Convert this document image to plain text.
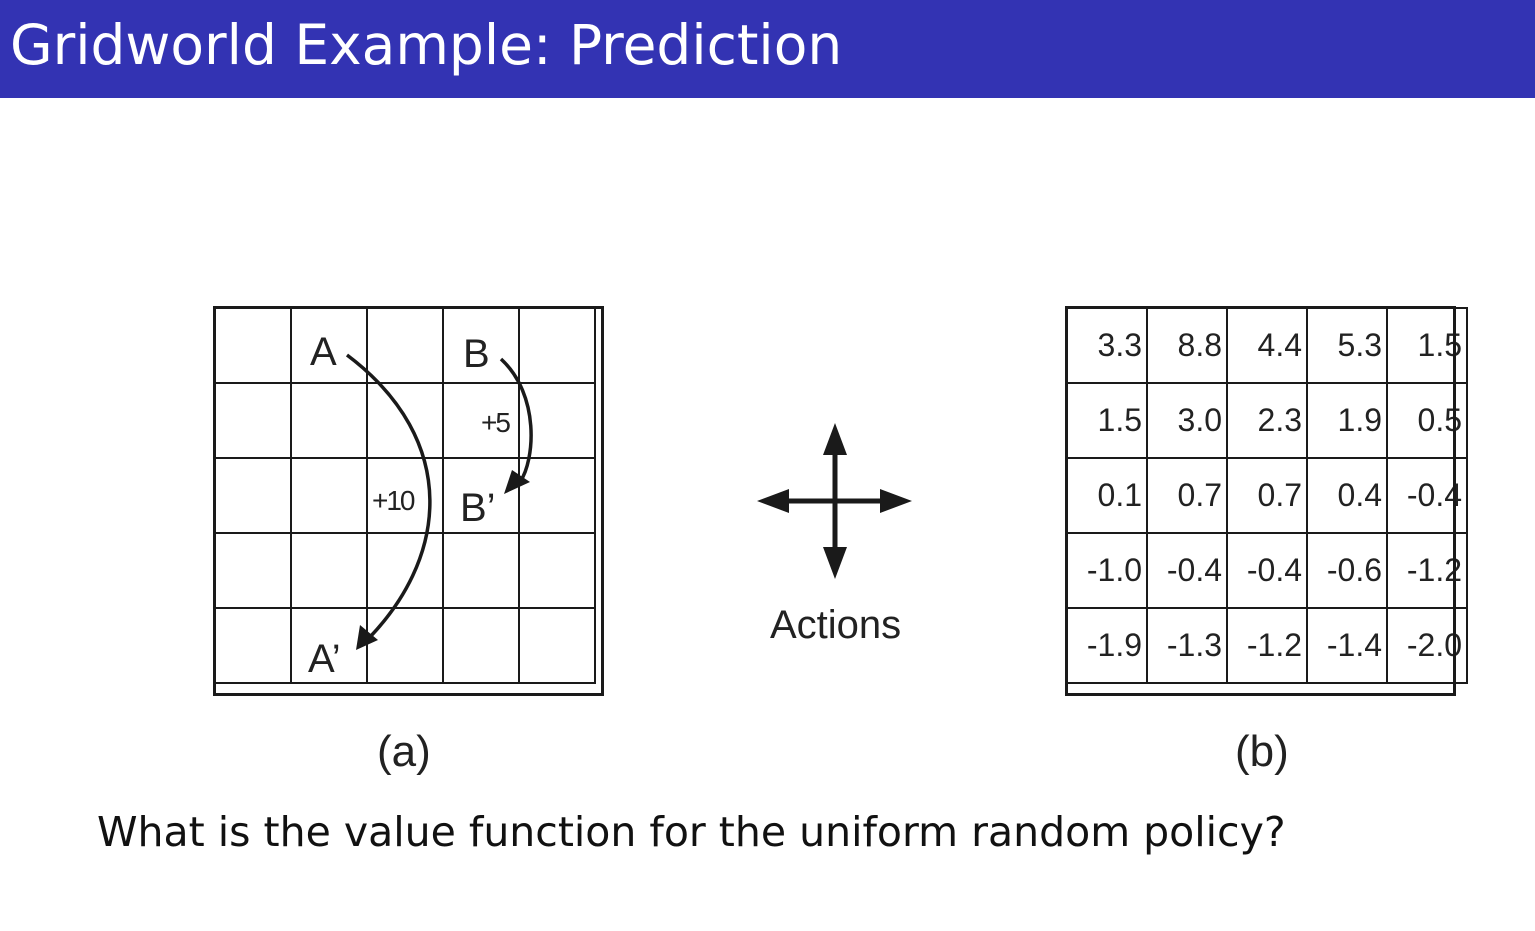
Gridworld Example: Prediction

A	B
B’
A’
+10
+5
Actions
3.3	8.8	4.4	5.3	1.5
1.5	3.0	2.3	1.9	0.5
0.1	0.7	0.7	0.4	-0.4
-1.0	-0.4	-0.4	-0.6	-1.2
-1.9	-1.3	-1.2	-1.4	-2.0
(a)	(b)
What is the value function for the uniform random policy?
